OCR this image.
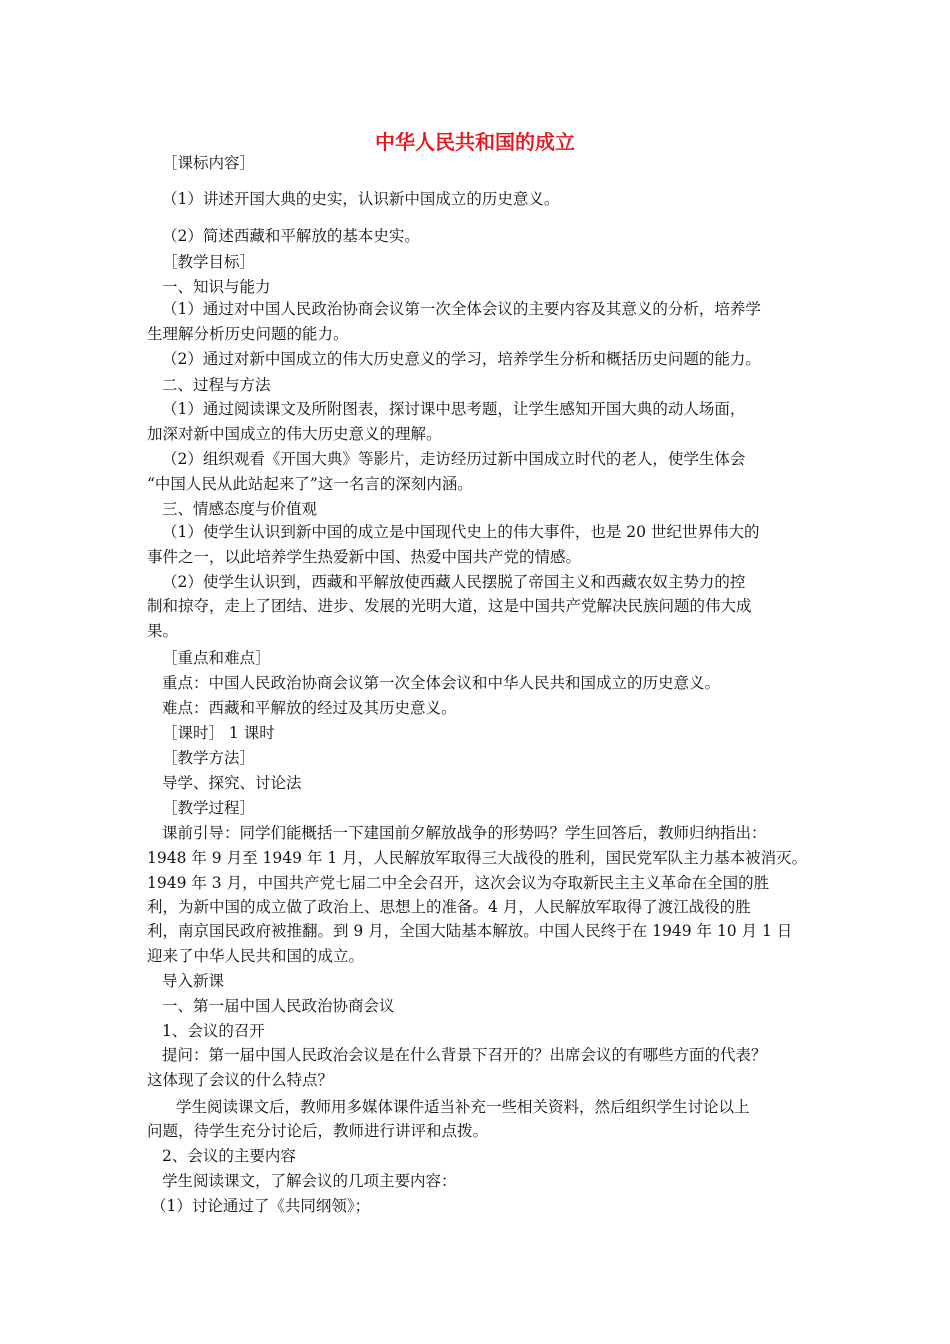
中华人民共和国的成立
［课标内容］
（1）讲述开国大典的史实，认识新中国成立的历史意义。
（2）简述西藏和平解放的基本史实。
［教学目标］
一、知识与能力
（1）通过对中国人民政治协商会议第一次全体会议的主要内容及其意义的分析，培养学
生理解分析历史问题的能力。
（2）通过对新中国成立的伟大历史意义的学习，培养学生分析和概括历史问题的能力。
二、过程与方法
（1）通过阅读课文及所附图表，探讨课中思考题，让学生感知开国大典的动人场面，
加深对新中国成立的伟大历史意义的理解。
（2）组织观看《开国大典》等影片，走访经历过新中国成立时代的老人，使学生体会
“中国人民从此站起来了”这一名言的深刻内涵。
三、情感态度与价值观
（1）使学生认识到新中国的成立是中国现代史上的伟大事件，也是 20 世纪世界伟大的
事件之一，以此培养学生热爱新中国、热爱中国共产党的情感。
（2）使学生认识到，西藏和平解放使西藏人民摆脱了帝国主义和西藏农奴主势力的控
制和掠夺，走上了团结、进步、发展的光明大道，这是中国共产党解决民族问题的伟大成
果。
［重点和难点］
重点：中国人民政治协商会议第一次全体会议和中华人民共和国成立的历史意义。
难点：西藏和平解放的经过及其历史意义。
［课时］ 1 课时
［教学方法］
导学、探究、讨论法
［教学过程］
课前引导：同学们能概括一下建国前夕解放战争的形势吗？学生回答后，教师归纳指出：
1948 年 9 月至 1949 年 1 月，人民解放军取得三大战役的胜利，国民党军队主力基本被消灭。
1949 年 3 月，中国共产党七届二中全会召开，这次会议为夺取新民主主义革命在全国的胜
利，为新中国的成立做了政治上、思想上的准备。4 月，人民解放军取得了渡江战役的胜
利，南京国民政府被推翻。到 9 月，全国大陆基本解放。中国人民终于在 1949 年 10 月 1 日
迎来了中华人民共和国的成立。
导入新课
一、第一届中国人民政治协商会议
1、会议的召开
提问：第一届中国人民政治会议是在什么背景下召开的？出席会议的有哪些方面的代表？
这体现了会议的什么特点？
学生阅读课文后，教师用多媒体课件适当补充一些相关资料，然后组织学生讨论以上
问题，待学生充分讨论后，教师进行讲评和点拨。
2、会议的主要内容
学生阅读课文，了解会议的几项主要内容：
（1）讨论通过了《共同纲领》；
